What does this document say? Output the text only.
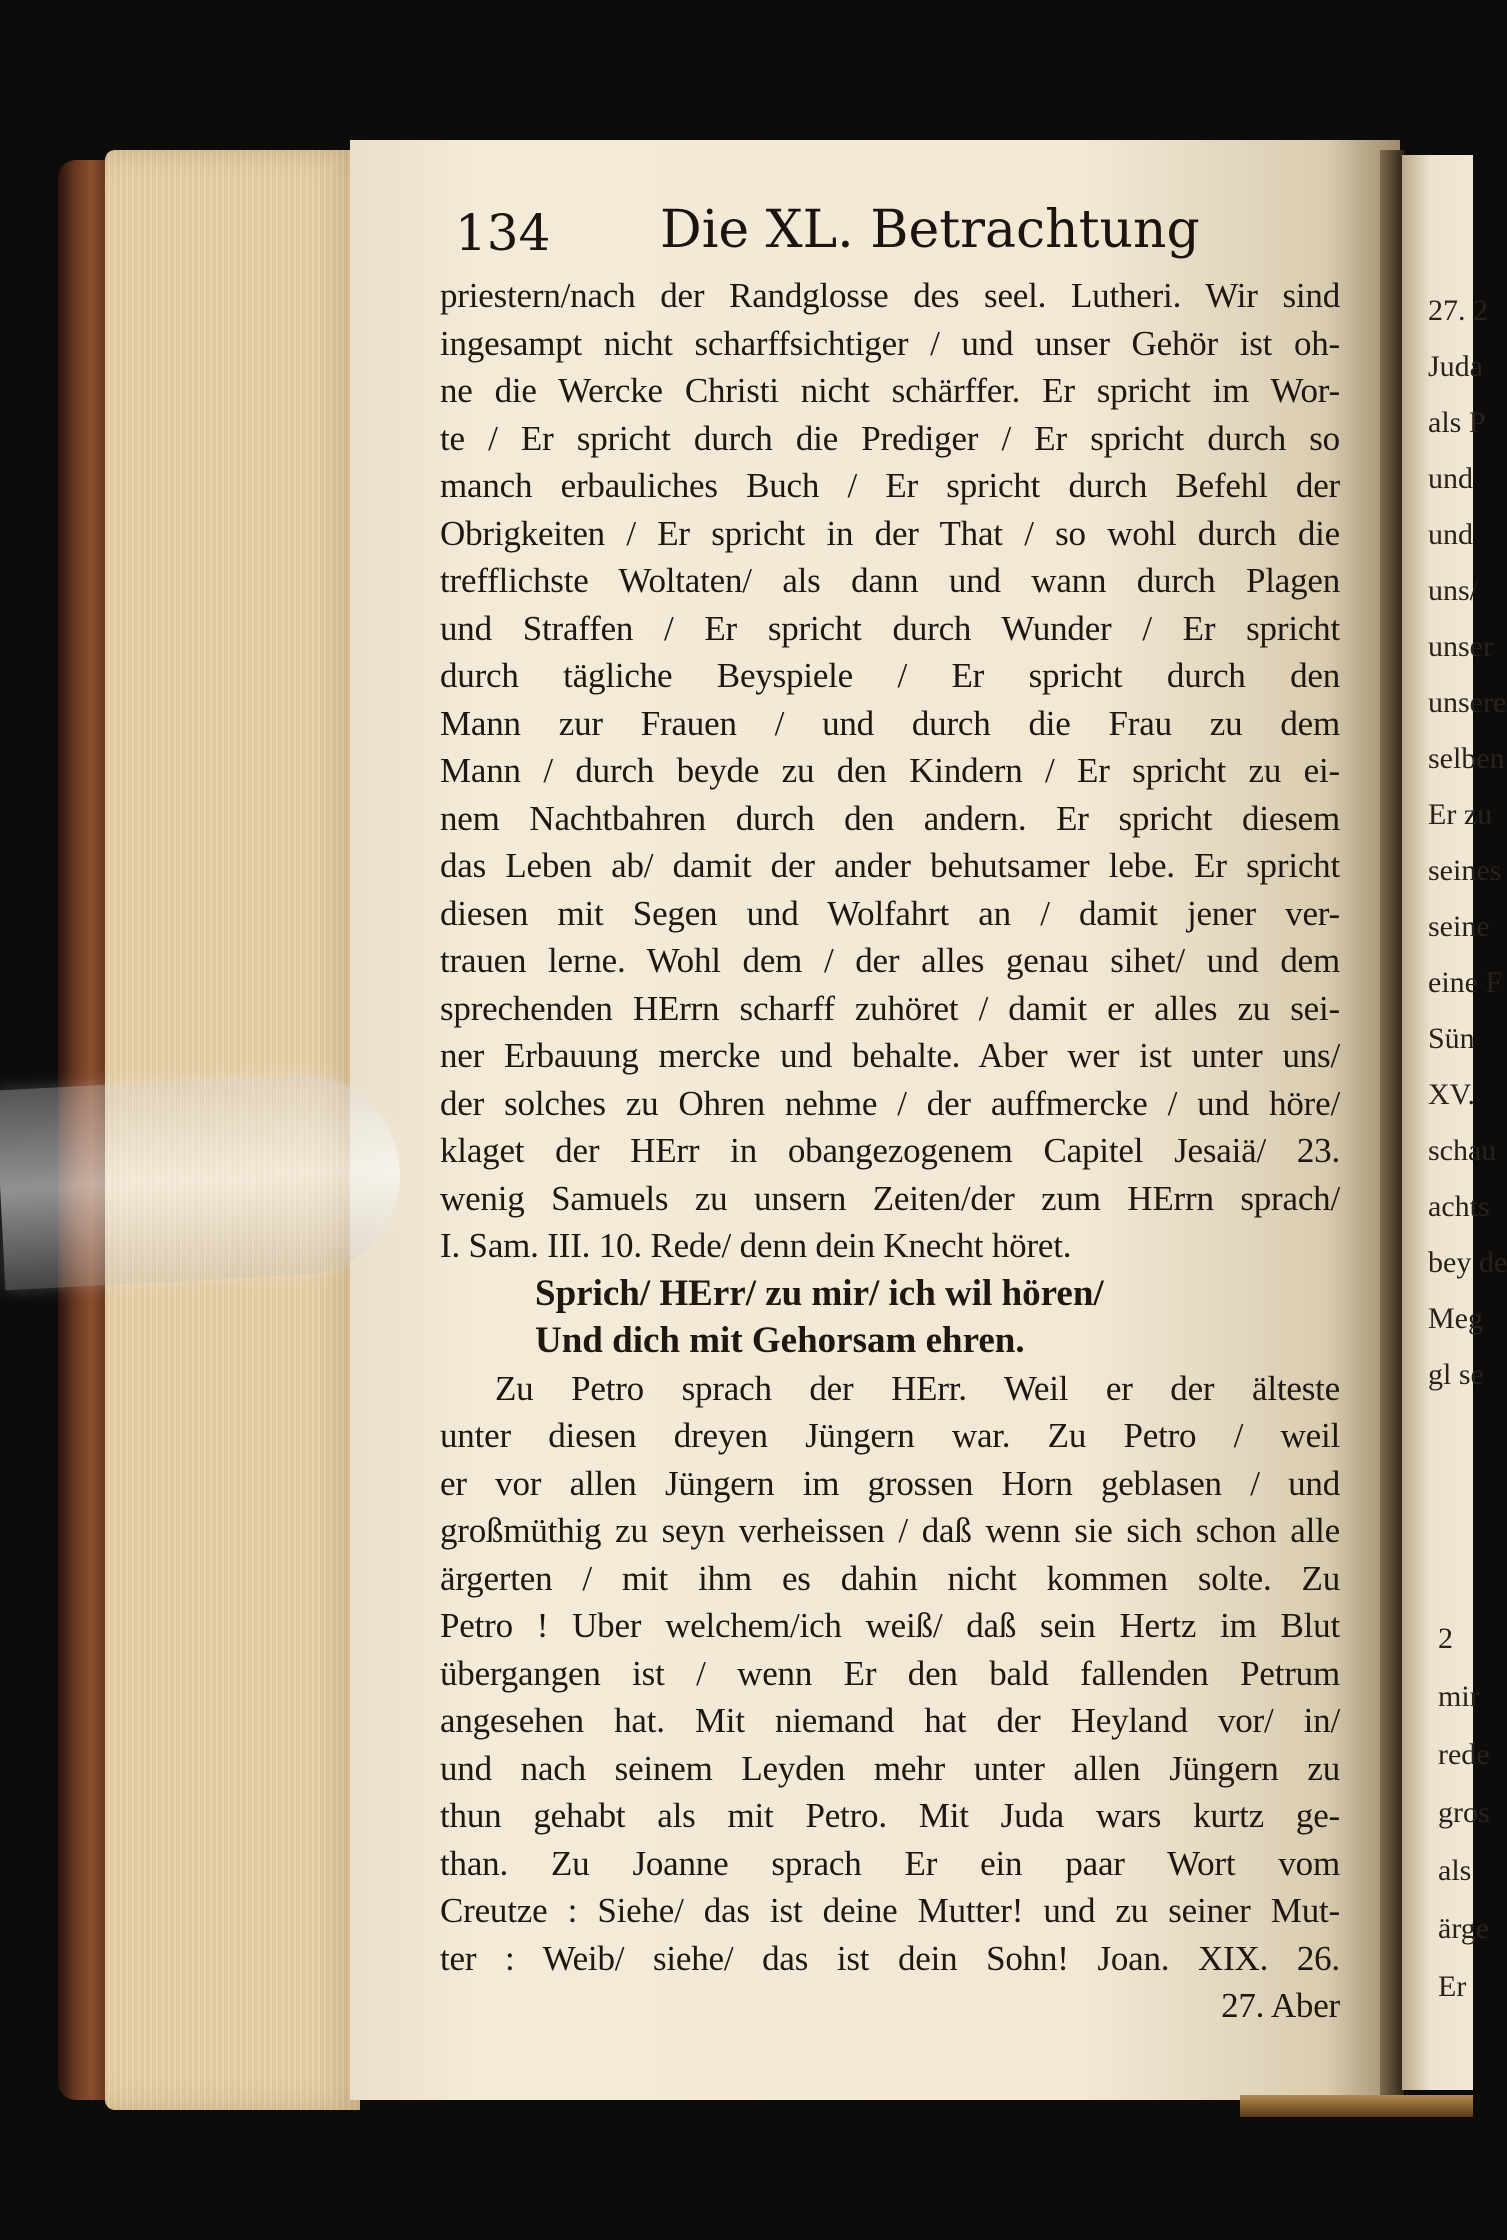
134 Die XL. Betrachtung
priestern/nach der Randglosse des seel. Lutheri. Wir sind
ingesampt nicht scharffsichtiger / und unser Gehör ist oh-
ne die Wercke Christi nicht schärffer. Er spricht im Wor-
te / Er spricht durch die Prediger / Er spricht durch so
manch erbauliches Buch / Er spricht durch Befehl der
Obrigkeiten / Er spricht in der That / so wohl durch die
trefflichste Woltaten/ als dann und wann durch Plagen
und Straffen / Er spricht durch Wunder / Er spricht
durch tägliche Beyspiele / Er spricht durch den
Mann zur Frauen / und durch die Frau zu dem
Mann / durch beyde zu den Kindern / Er spricht zu ei-
nem Nachtbahren durch den andern. Er spricht diesem
das Leben ab/ damit der ander behutsamer lebe. Er spricht
diesen mit Segen und Wolfahrt an / damit jener ver-
trauen lerne. Wohl dem / der alles genau sihet/ und dem
sprechenden HErrn scharff zuhöret / damit er alles zu sei-
ner Erbauung mercke und behalte. Aber wer ist unter uns/
der solches zu Ohren nehme / der auffmercke / und höre/
klaget der HErr in obangezogenem Capitel Jesaiä/ 23.
wenig Samuels zu unsern Zeiten/der zum HErrn sprach/
I. Sam. III. 10. Rede/ denn dein Knecht höret.
Sprich/ HErr/ zu mir/ ich wil hören/
Und dich mit Gehorsam ehren.
Zu Petro sprach der HErr. Weil er der älteste
unter diesen dreyen Jüngern war. Zu Petro / weil
er vor allen Jüngern im grossen Horn geblasen / und
großmüthig zu seyn verheissen / daß wenn sie sich schon alle
ärgerten / mit ihm es dahin nicht kommen solte. Zu
Petro ! Uber welchem/ich weiß/ daß sein Hertz im Blut
übergangen ist / wenn Er den bald fallenden Petrum
angesehen hat. Mit niemand hat der Heyland vor/ in/
und nach seinem Leyden mehr unter allen Jüngern zu
thun gehabt als mit Petro. Mit Juda wars kurtz ge-
than. Zu Joanne sprach Er ein paar Wort vom
Creutze : Siehe/ das ist deine Mutter! und zu seiner Mut-
ter : Weib/ siehe/ das ist dein Sohn! Joan. XIX. 26.
27. Aber
27. 2
Juda
als P
und
und
uns/
unser
unsere
selben
Er zu
seines
seine
eine F
Sün
XV.
schau
achts
bey de
Meg
gl se
2
mir
rede
gros
als
ärge
Er
